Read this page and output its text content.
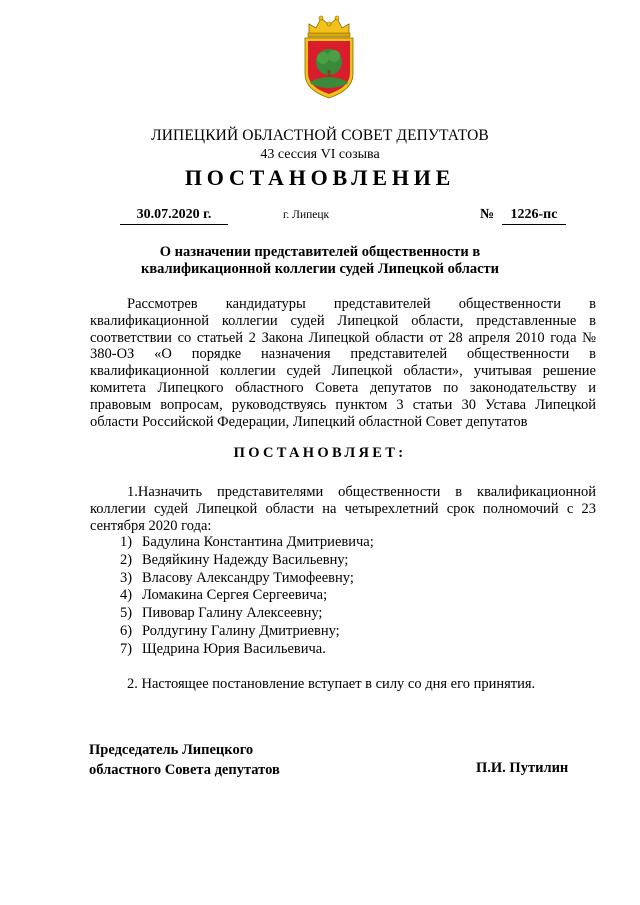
ЛИПЕЦКИЙ ОБЛАСТНОЙ СОВЕТ ДЕПУТАТОВ
43 сессия VI созыва
ПОСТАНОВЛЕНИЕ
30.07.2020 г.	г. Липецк	№	1226-пс
О назначении представителей общественности в
квалификационной коллегии судей Липецкой области
Рассмотрев кандидатуры представителей общественности в квалификационной коллегии судей Липецкой области, представленные в соответствии со статьей 2 Закона Липецкой области от 28 апреля 2010 года № 380-ОЗ «О порядке назначения представителей общественности в квалификационной коллегии судей Липецкой области», учитывая решение комитета Липецкого областного Совета депутатов по законодательству и правовым вопросам, руководствуясь пунктом 3 статьи 30 Устава Липецкой области Российской Федерации, Липецкий областной Совет депутатов
ПОСТАНОВЛЯЕТ:
1.Назначить представителями общественности в квалификационной коллегии судей Липецкой области на четырехлетний срок полномочий с 23 сентября 2020 года:
1) Бадулина Константина Дмитриевича;
2) Ведяйкину Надежду Васильевну;
3) Власову Александру Тимофеевну;
4) Ломакина Сергея Сергеевича;
5) Пивовар Галину Алексеевну;
6) Ролдугину Галину Дмитриевну;
7) Щедрина Юрия Васильевича.
2. Настоящее постановление вступает в силу со дня его принятия.
Председатель Липецкого
областного Совета депутатов	П.И. Путилин
